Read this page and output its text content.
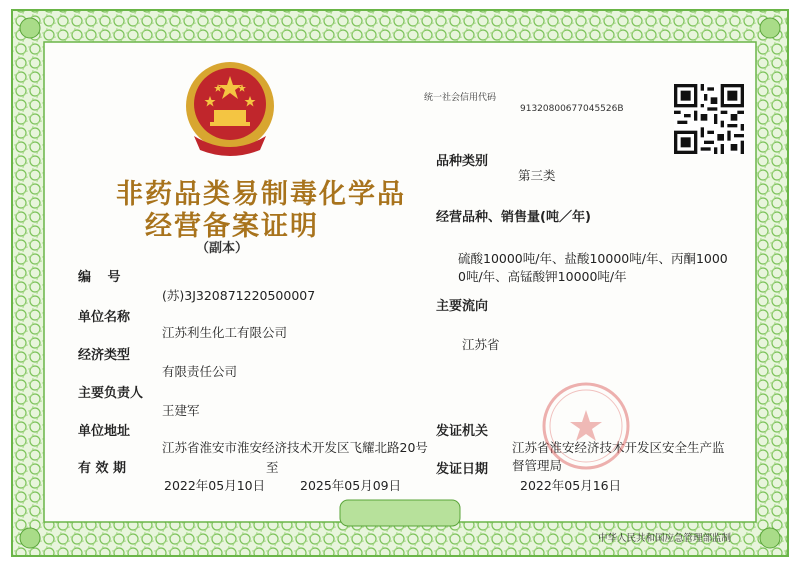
非药品类易制毒化学品
经营备案证明
（副本）
编 号
(苏)3J320871220500007
单位名称
江苏利生化工有限公司
经济类型
有限责任公司
主要负责人
王建军
单位地址
江苏省淮安市淮安经济技术开发区飞耀北路20号
有 效 期	至
2022年05月10日	2025年05月09日
统一社会信用代码
913208006770455​26B
品种类别
第三类
经营品种、销售量(吨／年)
硫酸10000吨/年、盐酸10000吨/年、丙酮1000
0吨/年、高锰酸钾10000吨/年
主要流向
江苏省
发证机关
江苏省淮安经济技术开发区安全生产监
督管理局
发证日期
2022年05月16日
中华人民共和国应急管理部监制
